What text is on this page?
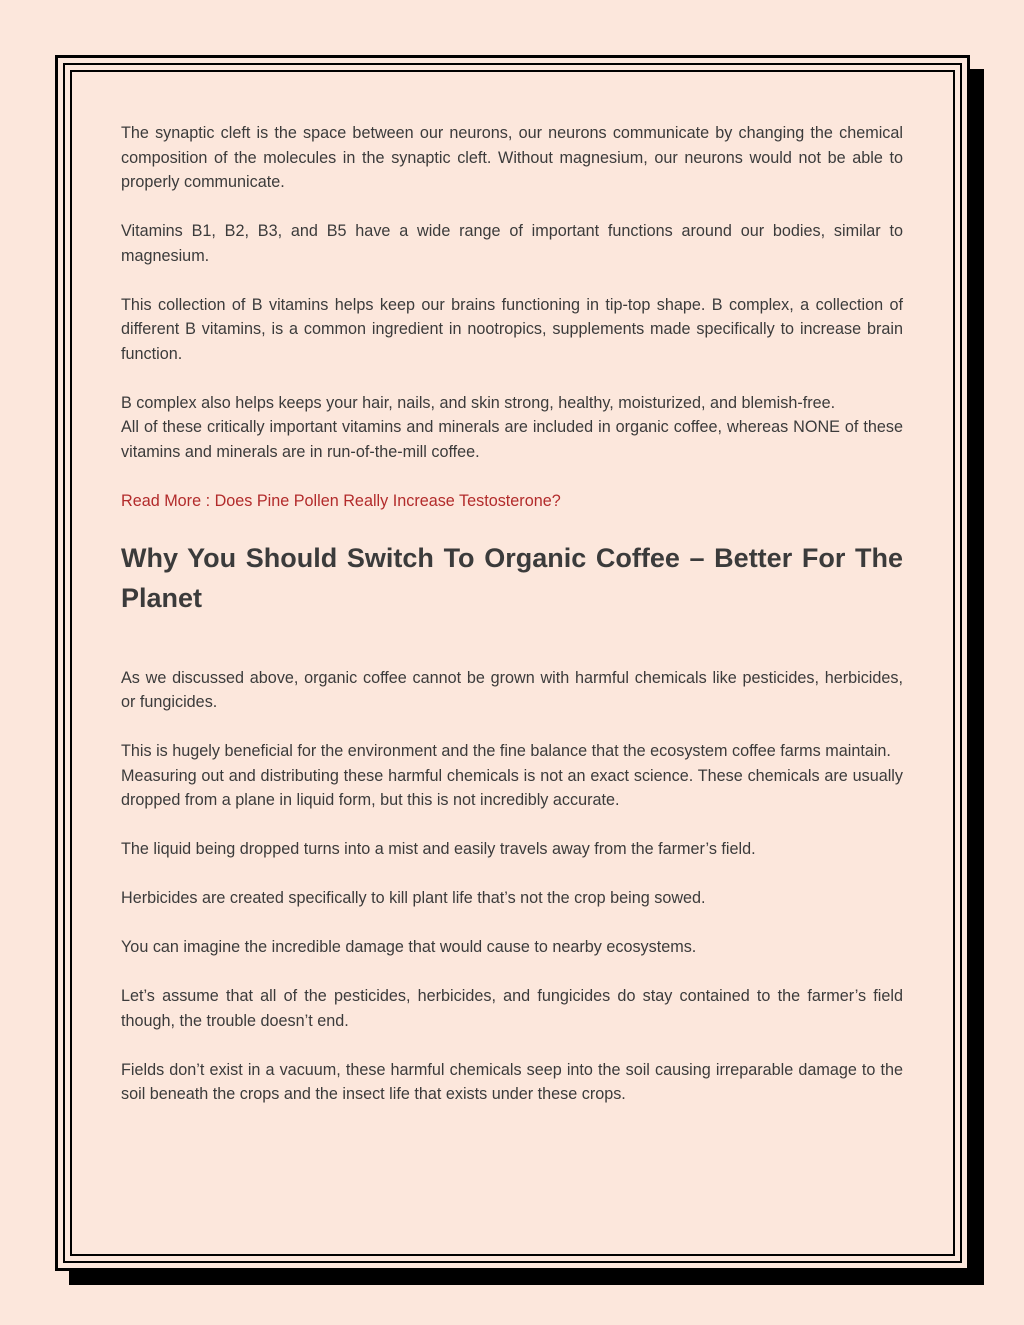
The synaptic cleft is the space between our neurons, our neurons communicate by changing the chemical composition of the molecules in the synaptic cleft. Without magnesium, our neurons would not be able to properly communicate.

Vitamins B1, B2, B3, and B5 have a wide range of important functions around our bodies, similar to magnesium.

This collection of B vitamins helps keep our brains functioning in tip-top shape. B complex, a collection of different B vitamins, is a common ingredient in nootropics, supplements made specifically to increase brain function.

B complex also helps keeps your hair, nails, and skin strong, healthy, moisturized, and blemish-free.

All of these critically important vitamins and minerals are included in organic coffee, whereas NONE of these vitamins and minerals are in run-of-the-mill coffee.

Read More : Does Pine Pollen Really Increase Testosterone?

Why You Should Switch To Organic Coffee – Better For The Planet

As we discussed above, organic coffee cannot be grown with harmful chemicals like pesticides, herbicides, or fungicides.

This is hugely beneficial for the environment and the fine balance that the ecosystem coffee farms maintain.

Measuring out and distributing these harmful chemicals is not an exact science. These chemicals are usually dropped from a plane in liquid form, but this is not incredibly accurate.

The liquid being dropped turns into a mist and easily travels away from the farmer’s field.

Herbicides are created specifically to kill plant life that’s not the crop being sowed.

You can imagine the incredible damage that would cause to nearby ecosystems.

Let’s assume that all of the pesticides, herbicides, and fungicides do stay contained to the farmer’s field though, the trouble doesn’t end.

Fields don’t exist in a vacuum, these harmful chemicals seep into the soil causing irreparable damage to the soil beneath the crops and the insect life that exists under these crops.
